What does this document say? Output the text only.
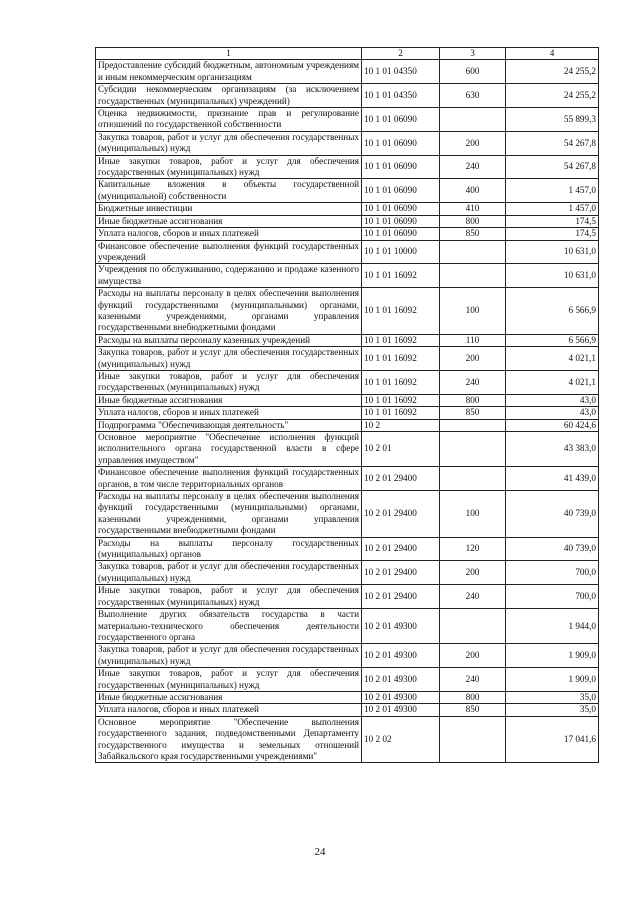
1	2	3	4
Предоставление субсидий бюджетным, автономным учреждениям и иным некоммерческим организациям	10 1 01 04350	600	24 255,2
Субсидии некоммерческим организациям (за исключением государственных (муниципальных) учреждений)	10 1 01 04350	630	24 255,2
Оценка недвижимости, признание прав и регулирование отношений по государственной собственности	10 1 01 06090		55 899,3
Закупка товаров, работ и услуг для обеспечения государственных (муниципальных) нужд	10 1 01 06090	200	54 267,8
Иные закупки товаров, работ и услуг для обеспечения государственных (муниципальных) нужд	10 1 01 06090	240	54 267,8
Капитальные вложения в объекты государственной (муниципальной) собственности	10 1 01 06090	400	1 457,0
Бюджетные инвестиции	10 1 01 06090	410	1 457,0
Иные бюджетные ассигнования	10 1 01 06090	800	174,5
Уплата налогов, сборов и иных платежей	10 1 01 06090	850	174,5
Финансовое обеспечение выполнения функций государственных учреждений	10 1 01 10000		10 631,0
Учреждения по обслуживанию, содержанию и продаже казенного имущества	10 1 01 16092		10 631,0
Расходы на выплаты персоналу в целях обеспечения выполнения функций государственными (муниципальными) органами, казенными учреждениями, органами управления государственными внебюджетными фондами	10 1 01 16092	100	6 566,9
Расходы на выплаты персоналу казенных учреждений	10 1 01 16092	110	6 566,9
Закупка товаров, работ и услуг для обеспечения государственных (муниципальных) нужд	10 1 01 16092	200	4 021,1
Иные закупки товаров, работ и услуг для обеспечения государственных (муниципальных) нужд	10 1 01 16092	240	4 021,1
Иные бюджетные ассигнования	10 1 01 16092	800	43,0
Уплата налогов, сборов и иных платежей	10 1 01 16092	850	43,0
Подпрограмма "Обеспечивающая деятельность"	10 2		60 424,6
Основное мероприятие "Обеспечение исполнения функций исполнительного органа государственной власти в сфере управления имуществом"	10 2 01		43 383,0
Финансовое обеспечение выполнения функций государственных органов, в том числе территориальных органов	10 2 01 29400		41 439,0
Расходы на выплаты персоналу в целях обеспечения выполнения функций государственными (муниципальными) органами, казенными учреждениями, органами управления государственными внебюджетными фондами	10 2 01 29400	100	40 739,0
Расходы на выплаты персоналу государственных (муниципальных) органов	10 2 01 29400	120	40 739,0
Закупка товаров, работ и услуг для обеспечения государственных (муниципальных) нужд	10 2 01 29400	200	700,0
Иные закупки товаров, работ и услуг для обеспечения государственных (муниципальных) нужд	10 2 01 29400	240	700,0
Выполнение других обязательств государства в части материально-технического обеспечения деятельности государственного органа	10 2 01 49300		1 944,0
Закупка товаров, работ и услуг для обеспечения государственных (муниципальных) нужд	10 2 01 49300	200	1 909,0
Иные закупки товаров, работ и услуг для обеспечения государственных (муниципальных) нужд	10 2 01 49300	240	1 909,0
Иные бюджетные ассигнования	10 2 01 49300	800	35,0
Уплата налогов, сборов и иных платежей	10 2 01 49300	850	35,0
Основное мероприятие "Обеспечение выполнения государственного задания, подведомственными Департаменту государственного имущества и земельных отношений Забайкальского края государственными учреждениями"	10 2 02		17 041,6
24
